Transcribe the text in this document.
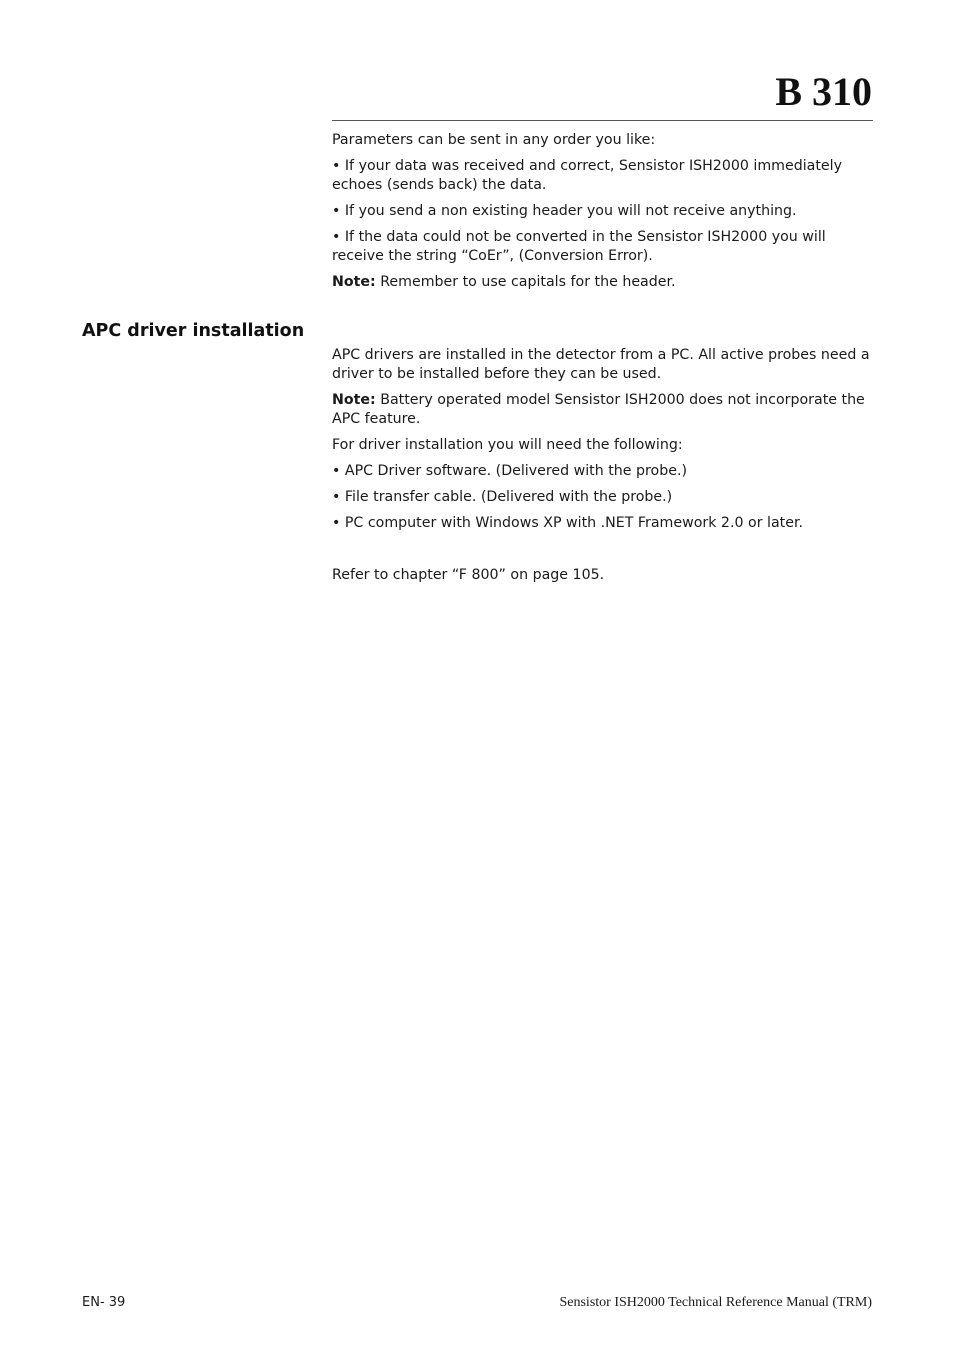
B 310

Parameters can be sent in any order you like:

• If your data was received and correct, Sensistor ISH2000 immediately echoes (sends back) the data.

• If you send a non existing header you will not receive anything.

• If the data could not be converted in the Sensistor ISH2000 you will receive the string “CoEr”, (Conversion Error).

Note: Remember to use capitals for the header.

APC driver installation

APC drivers are installed in the detector from a PC. All active probes need a driver to be installed before they can be used.

Note: Battery operated model Sensistor ISH2000 does not incorporate the APC feature.

For driver installation you will need the following:

• APC Driver software. (Delivered with the probe.)

• File transfer cable. (Delivered with the probe.)

• PC computer with Windows XP with .NET Framework 2.0 or later.

Refer to chapter “F 800” on page 105.

EN- 39	Sensistor ISH2000 Technical Reference Manual (TRM)
